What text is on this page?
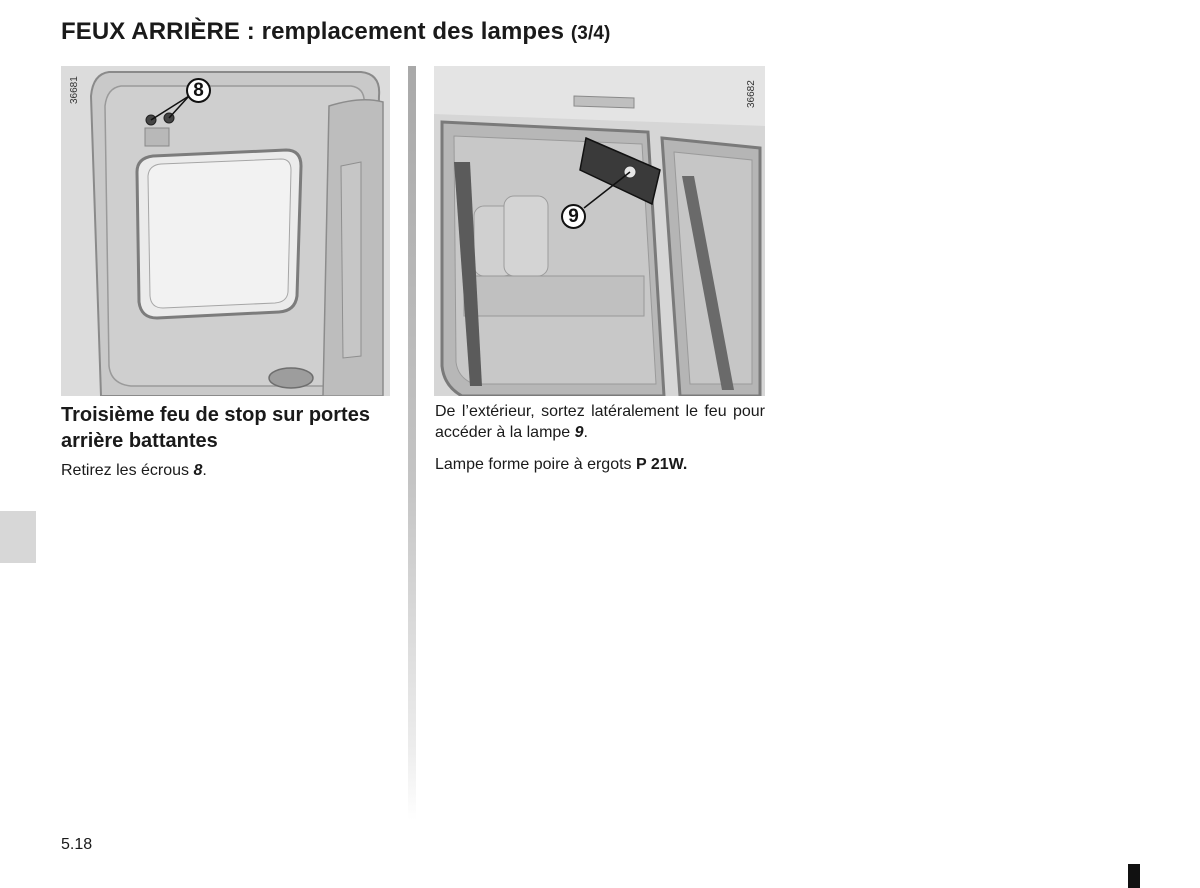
FEUX ARRIÈRE : remplacement des lampes (3/4)
36681	8	36682
9
Troisième feu de stop sur portes arrière battantes
Retirez les écrous 8.
De l’extérieur, sortez latéralement le feu pour accéder à la lampe 9.
Lampe forme poire à ergots P 21W.
5.18
